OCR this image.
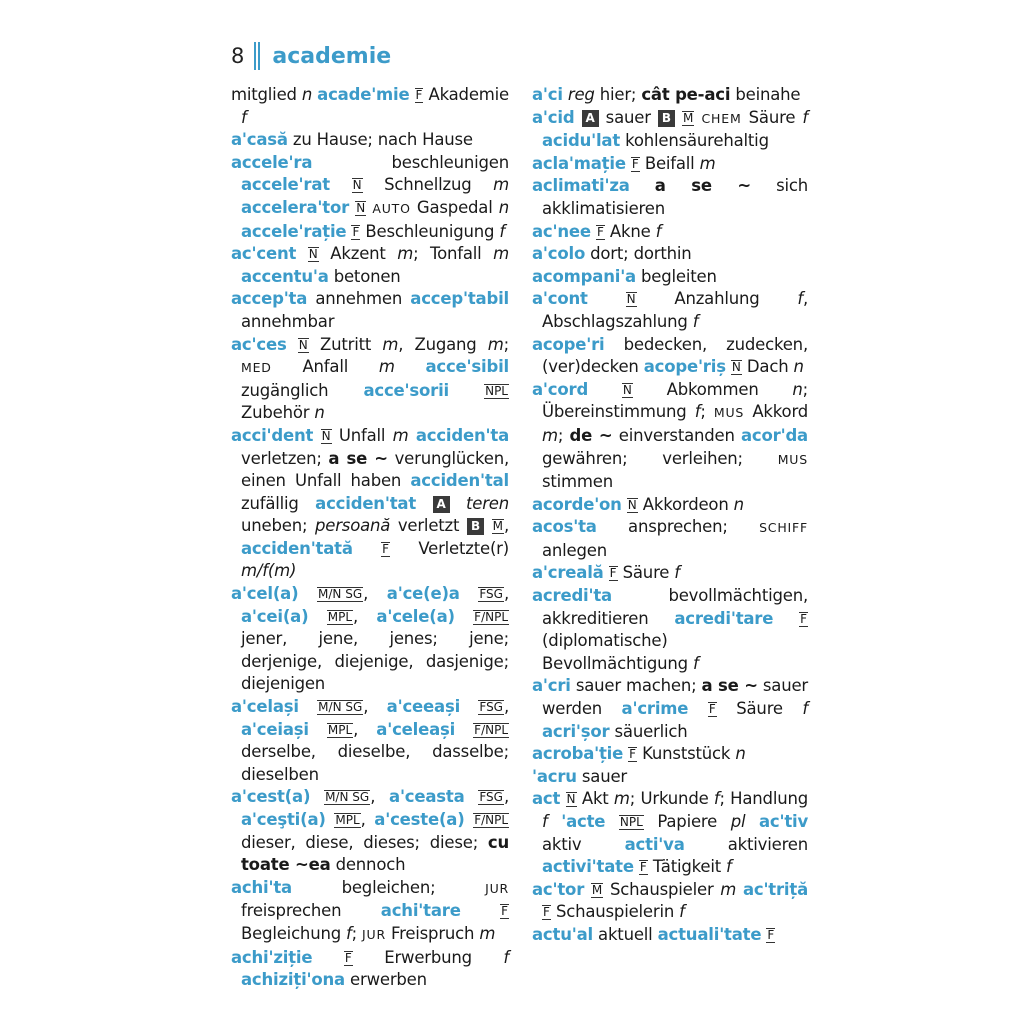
8 academie

mitglied n acade'mie F Akademie f

a'casă zu Hause; nach Hause

accele'ra beschleunigen accele'rat N Schnellzug m accelera'tor N AUTO Gaspedal n accele'rație F Beschleunigung f

ac'cent N Akzent m; Tonfall m accentu'a betonen

accep'ta annehmen accep'tabil annehmbar

ac'ces N Zutritt m, Zugang m; MED Anfall m acce'sibil zugänglich acce'sorii	NPL Zubehör n

acci'dent N Unfall m acciden'ta verletzen; a se ~ verunglücken, einen Unfall haben acciden'tal zufällig acciden'tat A teren uneben; persoană verletzt B M, acciden'tată F Verletzte(r) m/f(m)

a'cel(a) M/N SG, a'ce(e)a FSG, a'cei(a) MPL, a'cele(a) F/NPL jener, jene, jenes; jene; derjenige, diejenige, dasjenige; diejenigen

a'celași M/N SG, a'ceeași FSG, a'ceiași MPL, a'celeași F/NPL derselbe, dieselbe, dasselbe; dieselben

a'cest(a) M/N SG, a'ceasta FSG, a'ceşti(a) MPL, a'ceste(a) F/NPL dieser, diese, dieses; diese; cu toate ~ea dennoch

achi'ta begleichen; JUR freisprechen achi'tare	F Begleichung f; JUR Freispruch m

achi'ziție	F Erwerbung f achiziți'ona erwerben

a'ci reg hier; cât pe-aci beinahe

a'cid A sauer B M CHEM Säure f acidu'lat kohlensäurehaltig

acla'mație F Beifall m

aclimati'za a se ~ sich akklimatisieren

ac'nee F Akne f

a'colo dort; dorthin

acompani'a begleiten

a'cont	N Anzahlung f, Abschlagszahlung f

acope'ri bedecken, zudecken, (ver)decken acope'riș N Dach n

a'cord	N Abkommen n; Übereinstimmung f; MUS Akkord m; de ~ einverstanden acor'da gewähren; verleihen; MUS stimmen

acorde'on N Akkordeon n

acos'ta ansprechen; SCHIFF anlegen

a'creală F Säure f

acredi'ta bevollmächtigen, akkreditieren acredi'tare F (diplomatische) Bevollmächtigung f

a'cri sauer machen; a se ~ sauer werden a'crime F Säure f acri'șor säuerlich

acroba'ție F Kunststück n

'acru sauer

act N Akt m; Urkunde f; Handlung f 'acte NPL Papiere pl ac'tiv aktiv acti'va aktivieren activi'tate F Tätigkeit f

ac'tor M Schauspieler m ac'triță F Schauspielerin f

actu'al aktuell actuali'tate F
